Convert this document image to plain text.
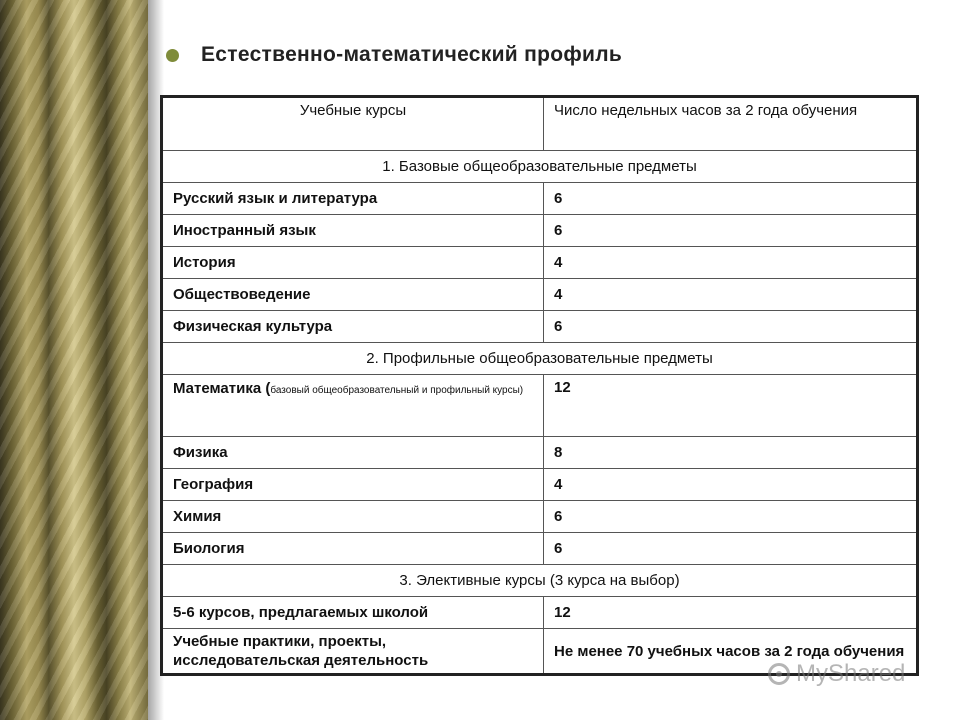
Естественно-математический профиль
Учебные курсы	Число недельных часов за 2 года обучения
1. Базовые общеобразовательные предметы	
Русский язык и литература	6
Иностранный язык	6
История	4
Обществоведение	4
Физическая культура	6
2. Профильные общеобразовательные предметы	
Математика (базовый общеобразовательный и профильный курсы)	12
Физика	8
География	4
Химия	6
Биология	6
3. Элективные курсы (3 курса на выбор)	
5-6 курсов, предлагаемых школой	12
Учебные практики, проекты, исследовательская деятельность	Не менее 70 учебных часов за 2 года обучения
MyShared
